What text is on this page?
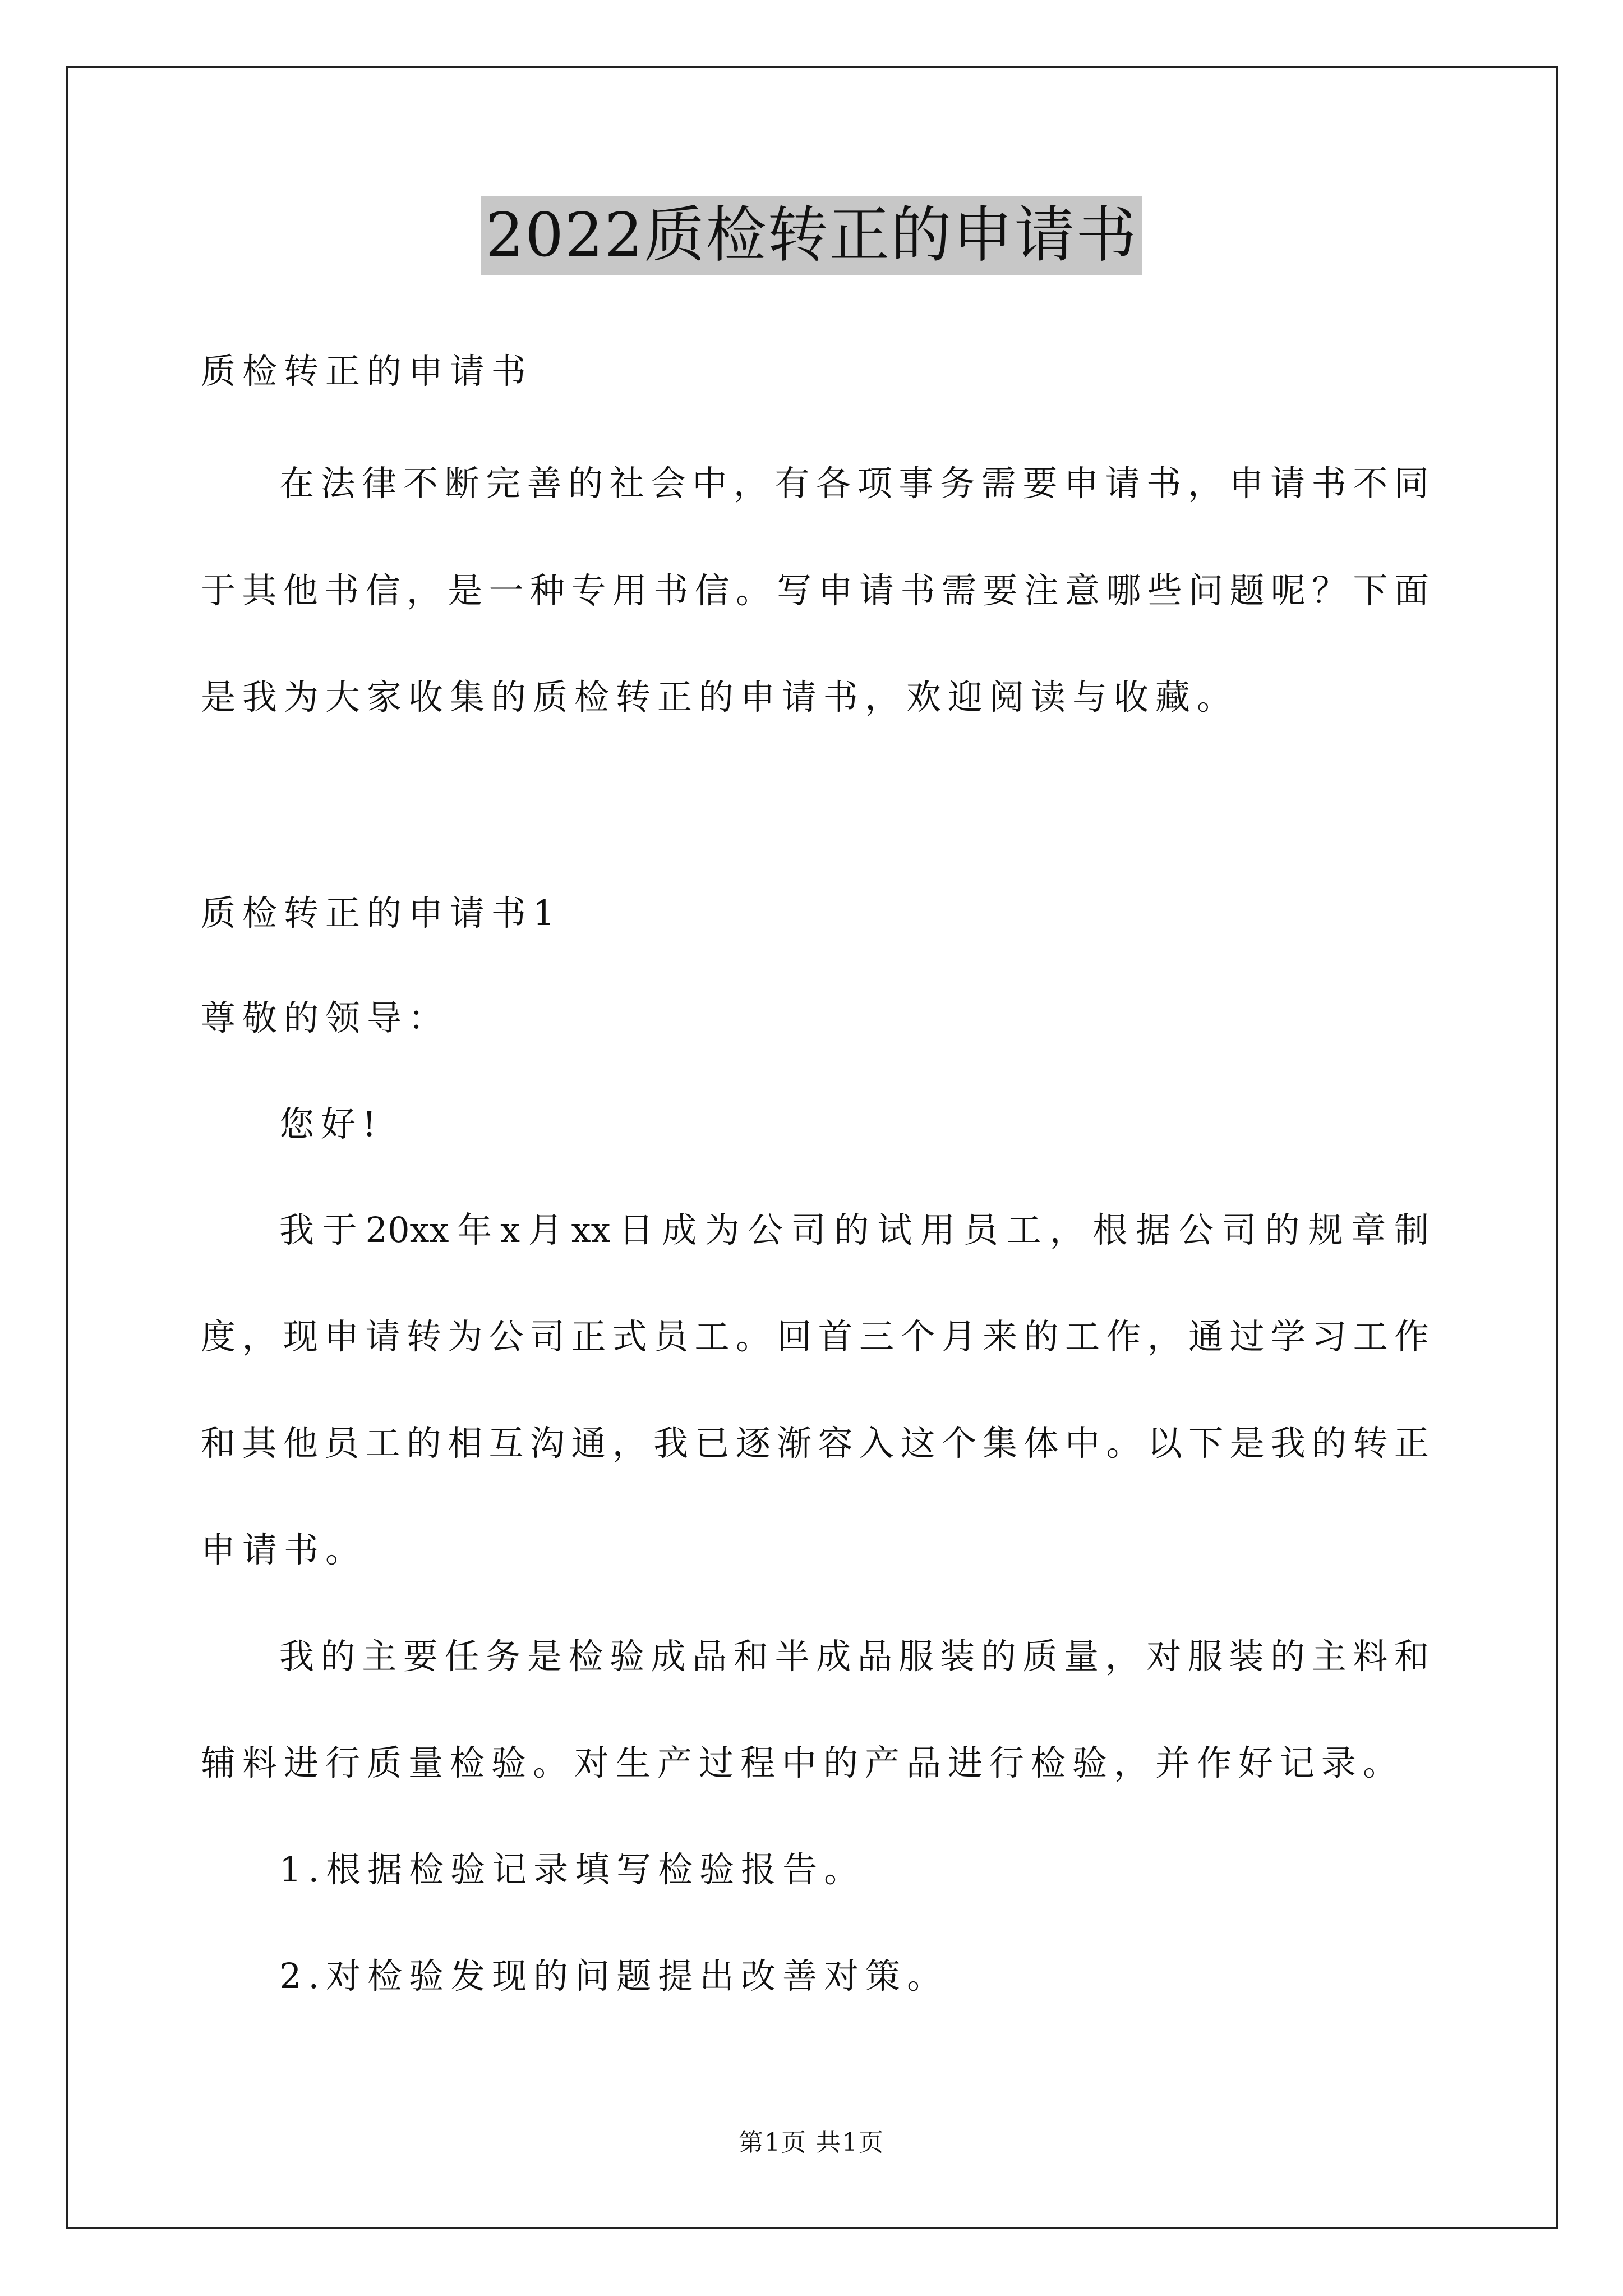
2022质检转正的申请书
质检转正的申请书
在法律不断完善的社会中，有各项事务需要申请书，申请书不同
于其他书信，是一种专用书信。写申请书需要注意哪些问题呢？下面
是我为大家收集的质检转正的申请书，欢迎阅读与收藏。
质检转正的申请书1
尊敬的领导：
您好!
我于20xx年x月xx日成为公司的试用员工，根据公司的规章制
度，现申请转为公司正式员工。回首三个月来的工作，通过学习工作
和其他员工的相互沟通，我已逐渐容入这个集体中。以下是我的转正
申请书。
我的主要任务是检验成品和半成品服装的质量，对服装的主料和
辅料进行质量检验。对生产过程中的产品进行检验，并作好记录。
1.根据检验记录填写检验报告。
2.对检验发现的问题提出改善对策。
第1页 共1页
